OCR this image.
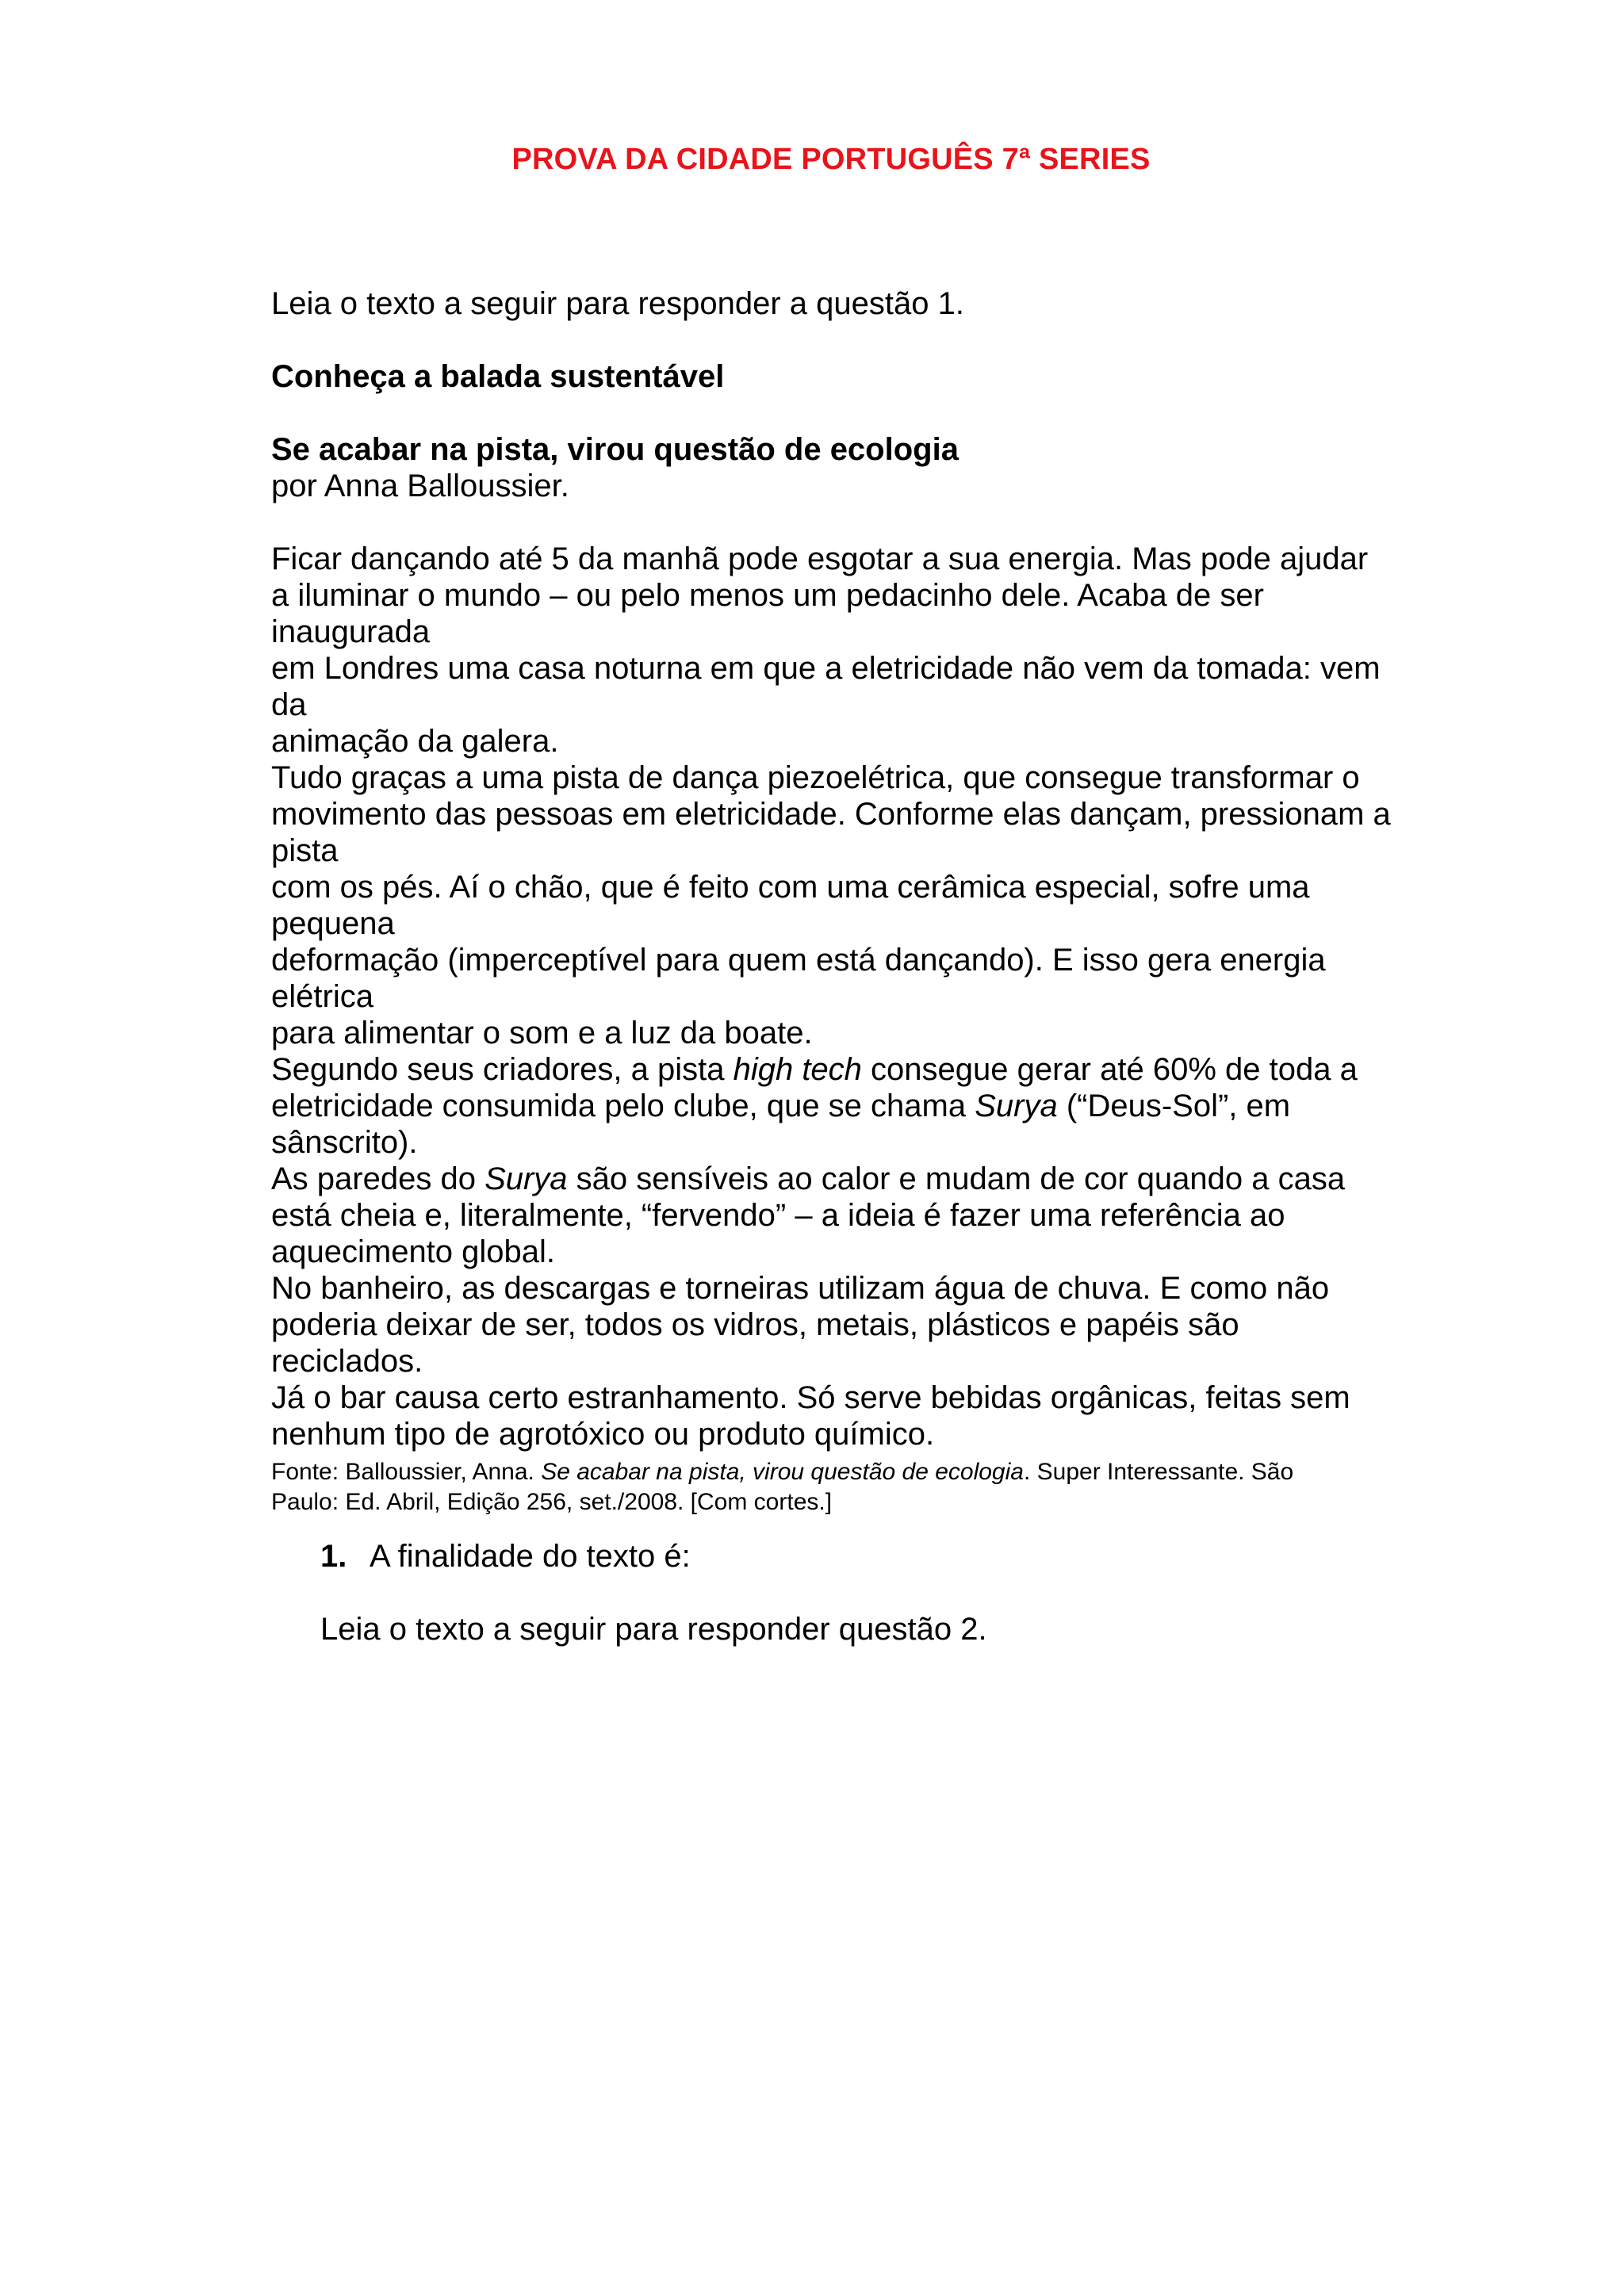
PROVA DA CIDADE PORTUGUÊS 7ª SERIES

Leia o texto a seguir para responder a questão 1.

Conheça a balada sustentável

Se acabar na pista, virou questão de ecologia

por Anna Balloussier.

Ficar dançando até 5 da manhã pode esgotar a sua energia. Mas pode ajudar
a iluminar o mundo – ou pelo menos um pedacinho dele. Acaba de ser
inaugurada
em Londres uma casa noturna em que a eletricidade não vem da tomada: vem
da
animação da galera.
Tudo graças a uma pista de dança piezoelétrica, que consegue transformar o
movimento das pessoas em eletricidade. Conforme elas dançam, pressionam a
pista
com os pés. Aí o chão, que é feito com uma cerâmica especial, sofre uma
pequena
deformação (imperceptível para quem está dançando). E isso gera energia
elétrica
para alimentar o som e a luz da boate.
Segundo seus criadores, a pista high tech consegue gerar até 60% de toda a
eletricidade consumida pelo clube, que se chama Surya (“Deus-Sol”, em
sânscrito).
As paredes do Surya são sensíveis ao calor e mudam de cor quando a casa
está cheia e, literalmente, “fervendo” – a ideia é fazer uma referência ao
aquecimento global.
No banheiro, as descargas e torneiras utilizam água de chuva. E como não
poderia deixar de ser, todos os vidros, metais, plásticos e papéis são reciclados.
Já o bar causa certo estranhamento. Só serve bebidas orgânicas, feitas sem
nenhum tipo de agrotóxico ou produto químico.
Fonte: Balloussier, Anna. Se acabar na pista, virou questão de ecologia. Super Interessante. São
Paulo: Ed. Abril, Edição 256, set./2008. [Com cortes.]
1. A finalidade do texto é:

Leia o texto a seguir para responder questão 2.
